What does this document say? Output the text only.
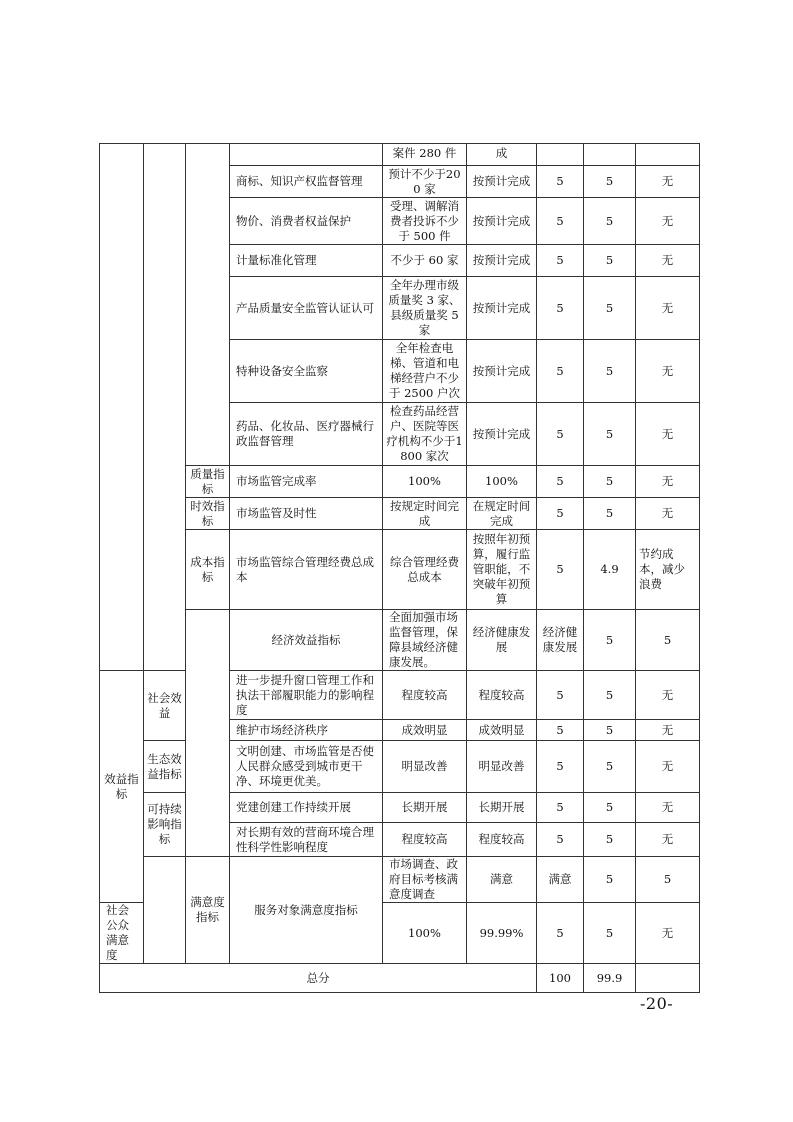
				案件 280 件	成				
			商标、知识产权监督管理	预计不少于200 家	按预计完成	5	5	无	
			物价、消费者权益保护	受理、调解消费者投诉不少于 500 件	按预计完成	5	5	无	
			计量标准化管理	不少于 60 家	按预计完成	5	5	无	
			产品质量安全监管认证认可	全年办理市级质量奖 3 家、县级质量奖 5 家	按预计完成	5	5	无	
			特种设备安全监察	全年检查电梯、管道和电梯经营户不少于 2500 户次	按预计完成	5	5	无	
			药品、化妆品、医疗器械行政监督管理	检查药品经营户、医院等医疗机构不少于1800 家次	按预计完成	5	5	无	
		质量指标	市场监管完成率	100%	100%	5	5	无	
		时效指标	市场监管及时性	按规定时间完成	在规定时间完成	5	5	无	
		成本指标	市场监管综合管理经费总成本	综合管理经费总成本	按照年初预算，履行监管职能，不突破年初预算	5	4.9	节约成本，减少浪费	
			经济效益指标	全面加强市场监督管理，保障县域经济健康发展。	经济健康发展	经济健康发展	5	5	
效益指标	社会效益		进一步提升窗口管理工作和执法干部履职能力的影响程度	程度较高	程度较高	5	5	无	
			维护市场经济秩序	成效明显	成效明显	5	5	无	
	生态效益指标		文明创建、市场监管是否使人民群众感受到城市更干净、环境更优美。	明显改善	明显改善	5	5	无	
	可持续影响指标		党建创建工作持续开展	长期开展	长期开展	5	5	无	
			对长期有效的营商环境合理性科学性影响程度	程度较高	程度较高	5	5	无	
		满意度指标	服务对象满意度指标	市场调查、政府目标考核满意度调查	满意	满意	5	5	
社会公众满意度				100%	99.99%	5	5	无	
总分						100	99.9		
-20-
